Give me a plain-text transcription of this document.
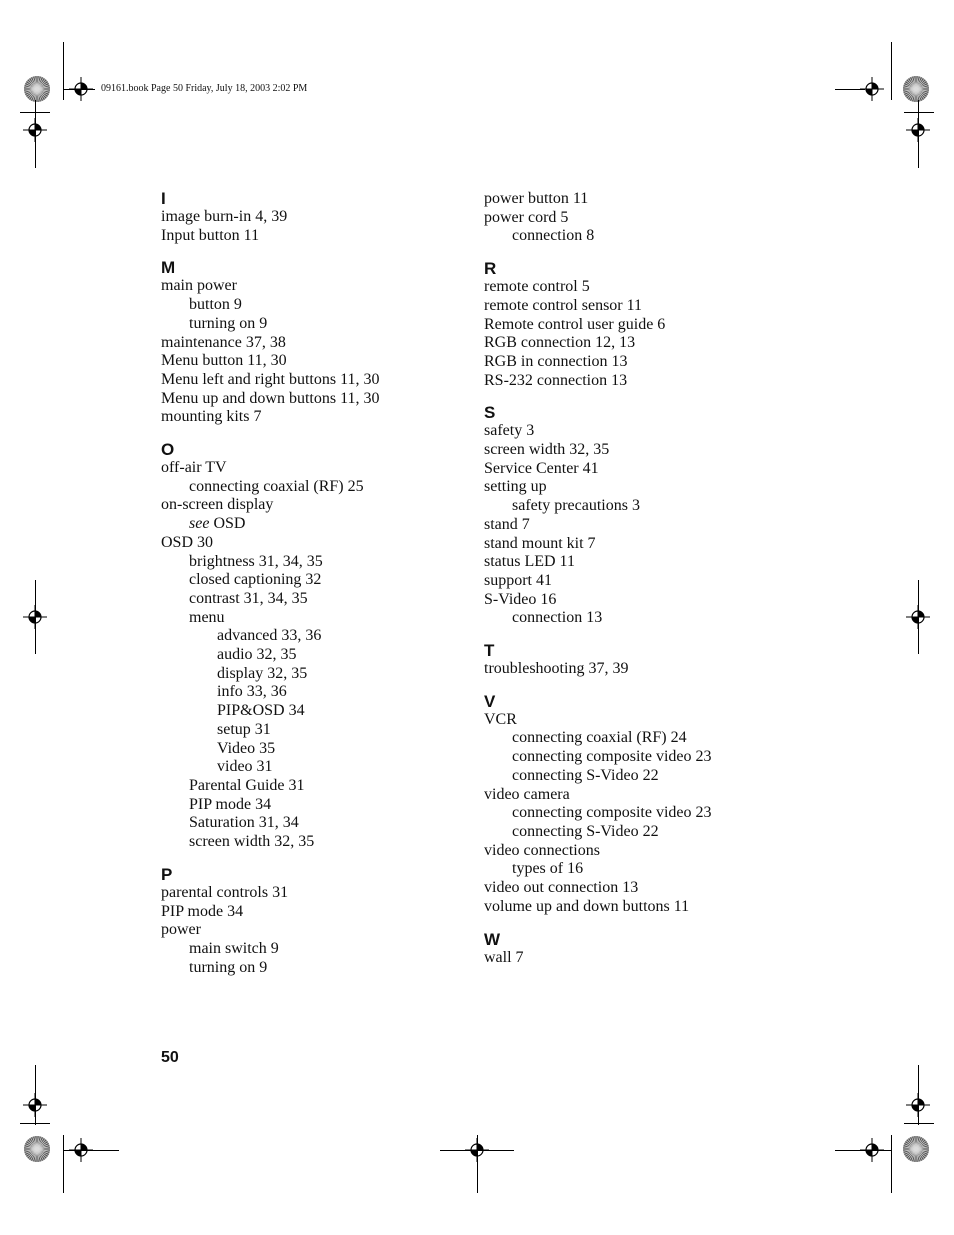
09161.book Page 50 Friday, July 18, 2003 2:02 PM
50
I
image burn-in 4, 39
Input button 11
M
main power
button 9
turning on 9
maintenance 37, 38
Menu button 11, 30
Menu left and right buttons 11, 30
Menu up and down buttons 11, 30
mounting kits 7
O
off-air TV
connecting coaxial (RF) 25
on-screen display
see OSD
OSD 30
brightness 31, 34, 35
closed captioning 32
contrast 31, 34, 35
menu
advanced 33, 36
audio 32, 35
display 32, 35
info 33, 36
PIP&OSD 34
setup 31
Video 35
video 31
Parental Guide 31
PIP mode 34
Saturation 31, 34
screen width 32, 35
P
parental controls 31
PIP mode 34
power
main switch 9
turning on 9
power button 11
power cord 5
connection 8
R
remote control 5
remote control sensor 11
Remote control user guide 6
RGB connection 12, 13
RGB in connection 13
RS-232 connection 13
S
safety 3
screen width 32, 35
Service Center 41
setting up
safety precautions 3
stand 7
stand mount kit 7
status LED 11
support 41
S-Video 16
connection 13
T
troubleshooting 37, 39
V
VCR
connecting coaxial (RF) 24
connecting composite video 23
connecting S-Video 22
video camera
connecting composite video 23
connecting S-Video 22
video connections
types of 16
video out connection 13
volume up and down buttons 11
W
wall 7
